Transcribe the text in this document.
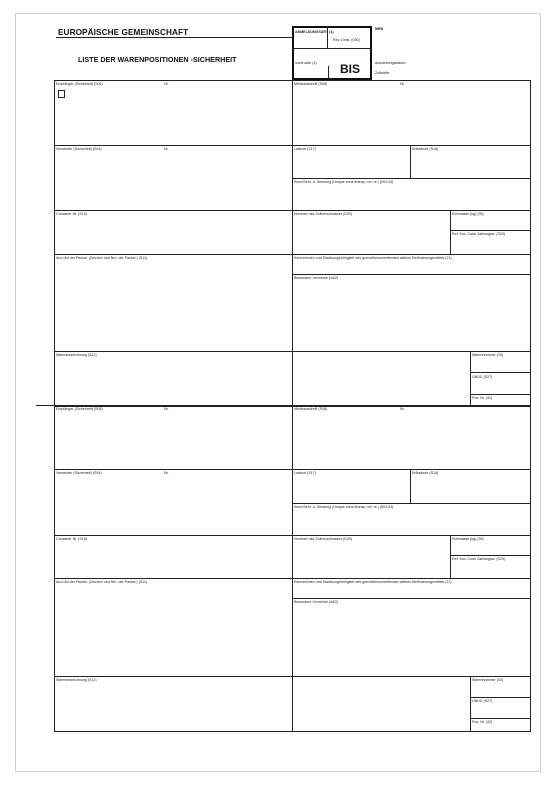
EUROPÄISCHE GEMEINSCHAFT
LISTE DER WARENPOSITIONEN -SICHERHEIT
ANMELDUNGSART (1)
Rev. Umsl. (030)
Vordrucke (3) BIS
MRN
Ausstellungsdatum:
Zollstelle:
Empfänger (Sicherheit) (S06)	Nr.	Meldeanschrift (S08)	Nr.
Versender (Sicherheit) (S04)	Nr.	Ladeort (S17)	Entladeort (S18)
Kenn/Sehr. d. Sendung (Unique cons./transp. ref. nr.) (003-03)
Container Nr. (S15)	Nummer des Zollverschlusses (D29)	Rohmasse (kg) (35)
Ref. Kov. Code Zahlungsw. (S29)
Anz./Art der Packst. (Zeichen und Nrn. der Packst.) (S11)	Kennzeichen und Staatszugehörigkeit des grenzüberschreitenden aktiven Beförderungsmittels (21)
Besondere Vermerke (44/2)
Warenbezeichnung (S12)	Warennummer (33)
UNDG (S27)
Pos. Nr. (32)
Empfänger (Sicherheit) (S06)	Nr.	Meldeanschrift (S08)	Nr.
Versender (Sicherheit) (S04)	Nr.	Ladeort (S17)	Entladeort (S18)
Kenn/Sehr. d. Sendung (Unique cons./transp. ref. nr.) (003-03)
Container Nr. (S15)	Nummer des Zollverschlusses (D29)	Rohmasse (kg) (35)
Ref. Kov. Code Zahlungsw. (S29)
Anz./Art der Packst. (Zeichen und Nrn. der Packst.) (S11)	Kennzeichen und Staatszugehörigkeit des grenzüberschreitenden aktiven Beförderungsmittels (21)
Besondere Vermerke (44/2)
Warenbezeichnung (S12)	Warennummer (33)
UNDG (S27)
Pos. Nr. (32)
